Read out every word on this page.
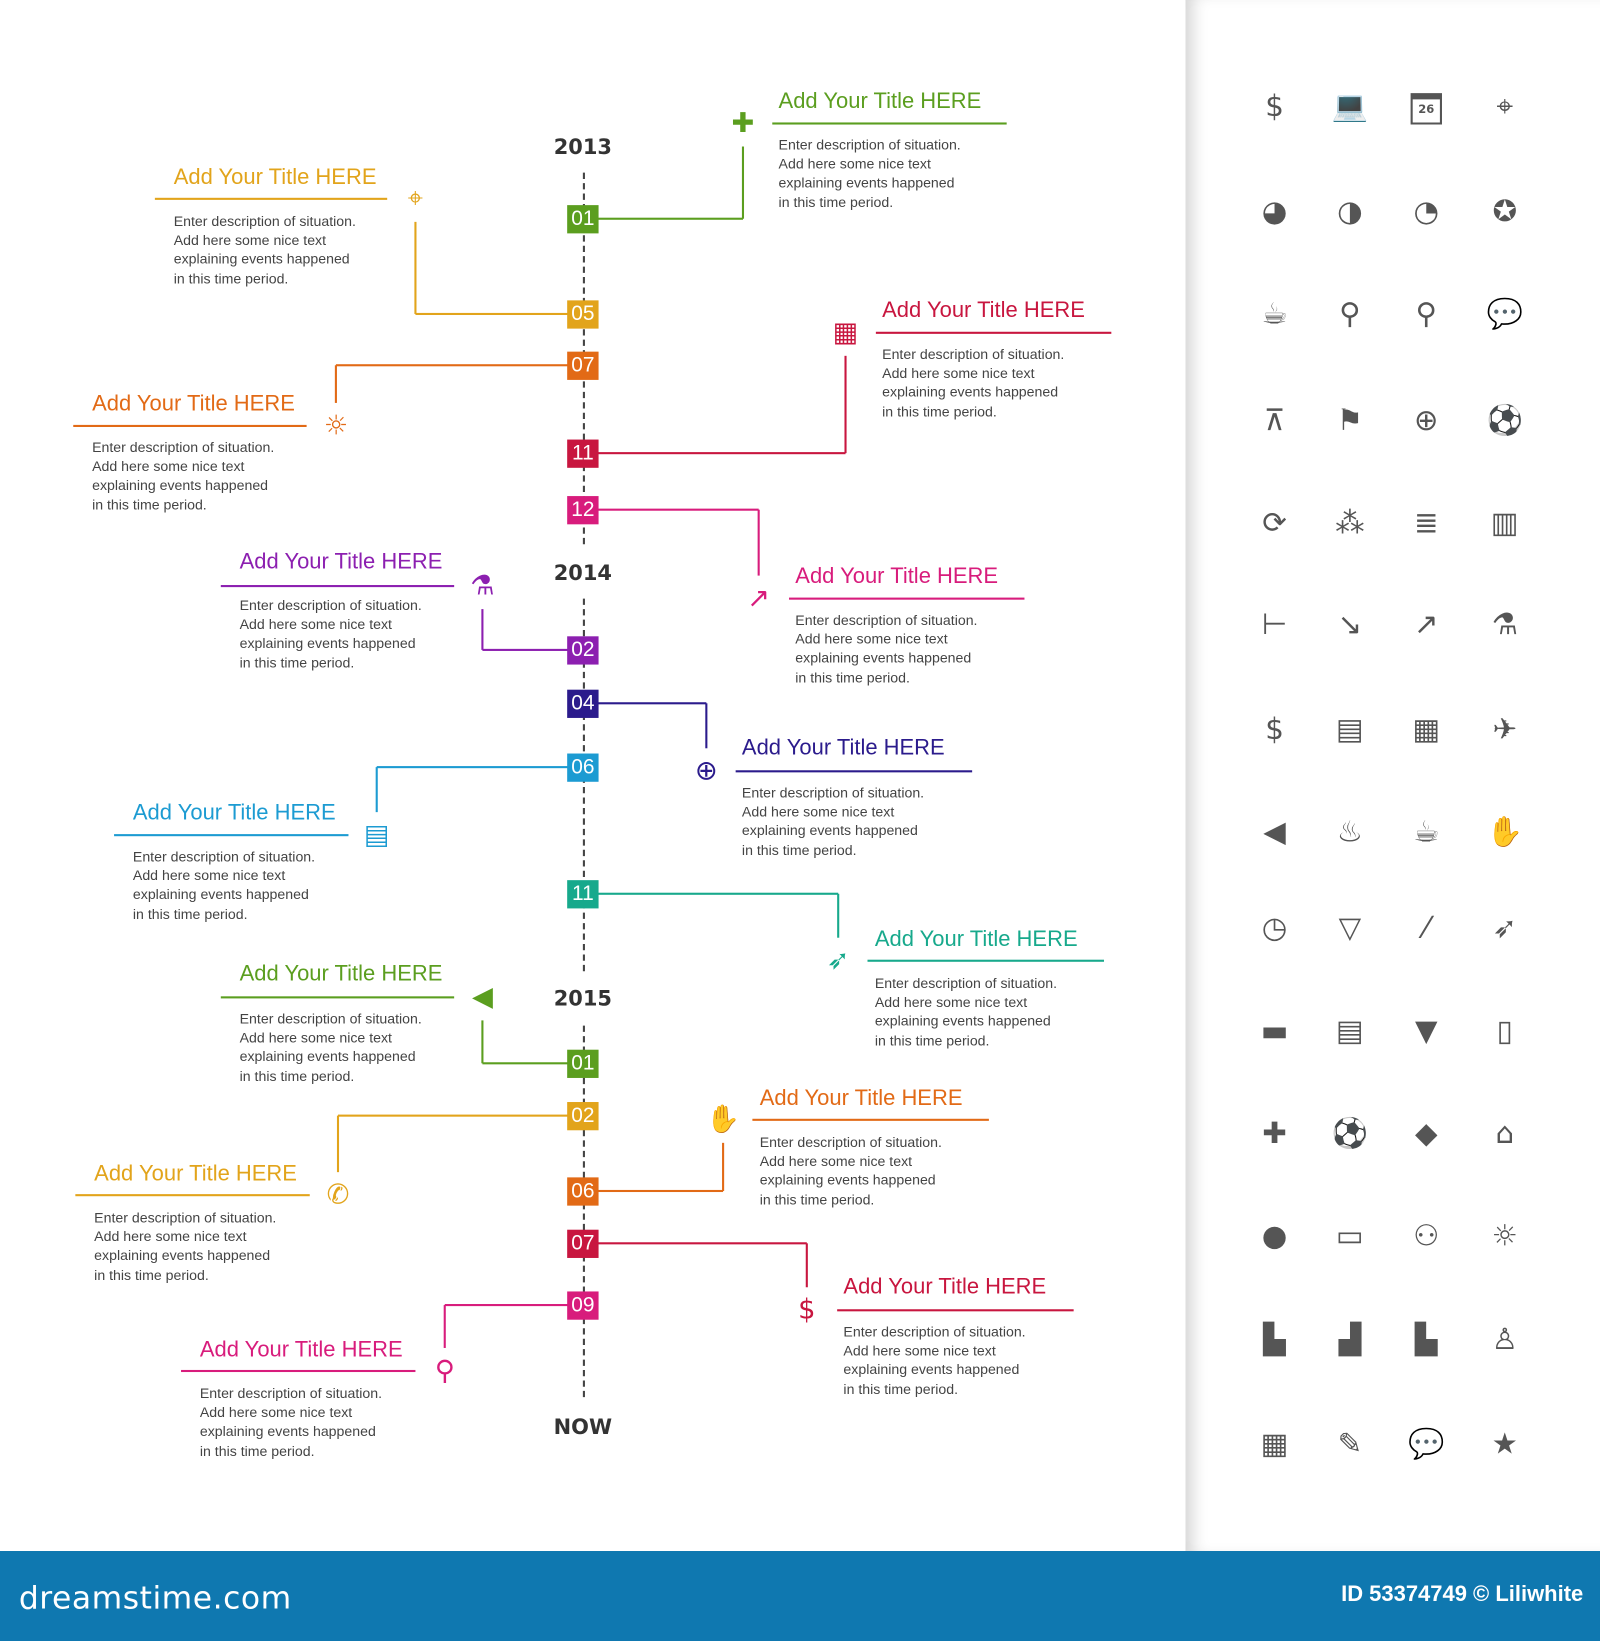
2013
2014
2015
NOW
01
✚
Add Your Title HERE
Enter description of situation.
Add here some nice text
explaining events happened
in this time period.
05
⌖
Add Your Title HERE
Enter description of situation.
Add here some nice text
explaining events happened
in this time period.
07
☼
Add Your Title HERE
Enter description of situation.
Add here some nice text
explaining events happened
in this time period.
11
▦
Add Your Title HERE
Enter description of situation.
Add here some nice text
explaining events happened
in this time period.
12
↗
Add Your Title HERE
Enter description of situation.
Add here some nice text
explaining events happened
in this time period.
02
⚗
Add Your Title HERE
Enter description of situation.
Add here some nice text
explaining events happened
in this time period.
04
⊕
Add Your Title HERE
Enter description of situation.
Add here some nice text
explaining events happened
in this time period.
06
▤
Add Your Title HERE
Enter description of situation.
Add here some nice text
explaining events happened
in this time period.
11
➶
Add Your Title HERE
Enter description of situation.
Add here some nice text
explaining events happened
in this time period.
01
◀
Add Your Title HERE
Enter description of situation.
Add here some nice text
explaining events happened
in this time period.
02
✆
Add Your Title HERE
Enter description of situation.
Add here some nice text
explaining events happened
in this time period.
06
✋
Add Your Title HERE
Enter description of situation.
Add here some nice text
explaining events happened
in this time period.
07
$
Add Your Title HERE
Enter description of situation.
Add here some nice text
explaining events happened
in this time period.
09
⚲
Add Your Title HERE
Enter description of situation.
Add here some nice text
explaining events happened
in this time period.
$	💻	26	⌖
◕	◑	◔	✪
☕	⚲	⚲	💬
⊼	⚑	⊕	⚽
⟳	⁂	≣	▥
⊢	↘	↗	⚗
$	▤	▦	✈
◀	♨	☕	✋
◷	▽	⁄	➶
▬	▤	▼	▯
✚	⚽	◆	⌂
●	▭	⚇	☼
▙	▟	▙	♙
▦	✎	💬	★
dreamstime.com	ID 53374749 © Liliwhite
